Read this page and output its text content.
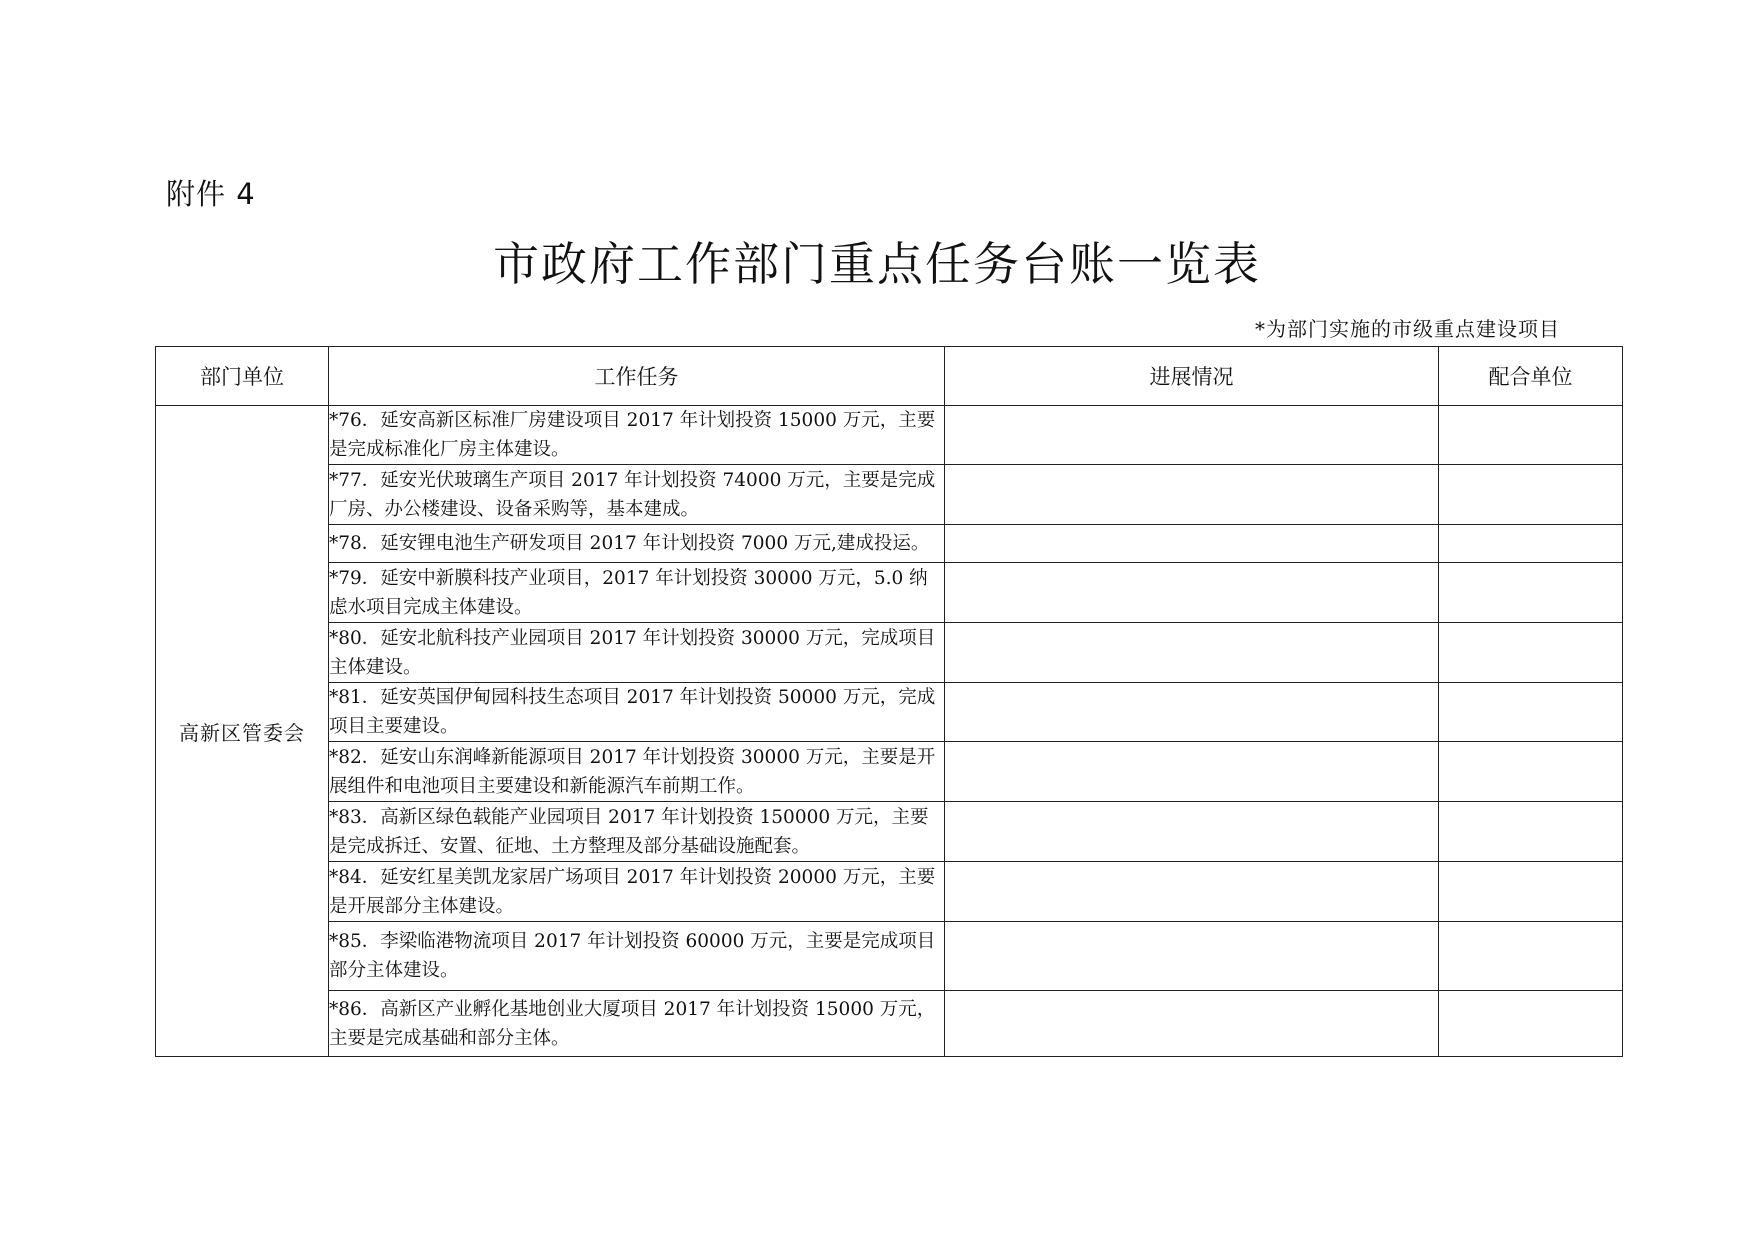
附件 4
市政府工作部门重点任务台账一览表
*为部门实施的市级重点建设项目
部门单位	工作任务	进展情况	配合单位
高新区管委会	*76．延安高新区标准厂房建设项目 2017 年计划投资 15000 万元，主要是完成标准化厂房主体建设。		
	*77．延安光伏玻璃生产项目 2017 年计划投资 74000 万元，主要是完成厂房、办公楼建设、设备采购等，基本建成。		
	*78．延安锂电池生产研发项目 2017 年计划投资 7000 万元,建成投运。		
	*79．延安中新膜科技产业项目，2017 年计划投资 30000 万元，5.0 纳虑水项目完成主体建设。		
	*80．延安北航科技产业园项目 2017 年计划投资 30000 万元，完成项目主体建设。		
	*81．延安英国伊甸园科技生态项目 2017 年计划投资 50000 万元，完成项目主要建设。		
	*82．延安山东润峰新能源项目 2017 年计划投资 30000 万元，主要是开展组件和电池项目主要建设和新能源汽车前期工作。		
	*83．高新区绿色载能产业园项目 2017 年计划投资 150000 万元，主要是完成拆迁、安置、征地、土方整理及部分基础设施配套。		
	*84．延安红星美凯龙家居广场项目 2017 年计划投资 20000 万元，主要是开展部分主体建设。		
	*85．李梁临港物流项目 2017 年计划投资 60000 万元，主要是完成项目部分主体建设。		
	*86．高新区产业孵化基地创业大厦项目 2017 年计划投资 15000 万元，主要是完成基础和部分主体。		
